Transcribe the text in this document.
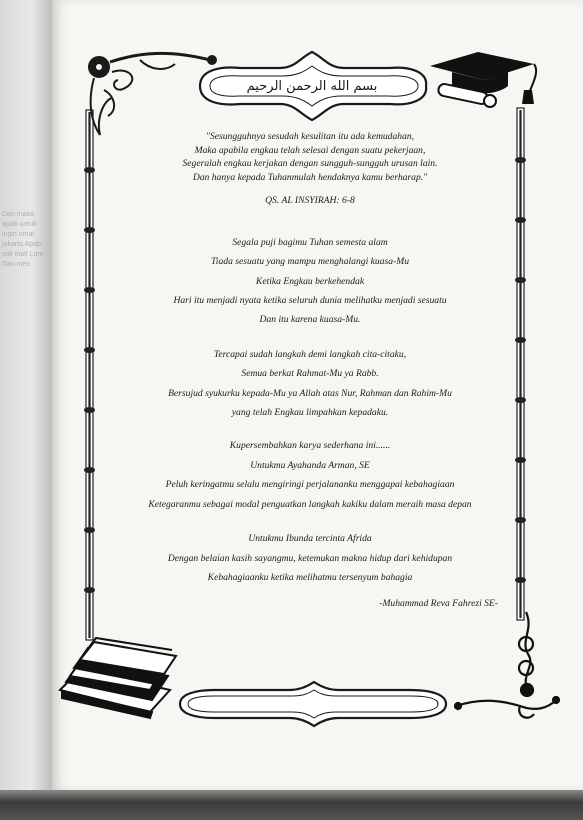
Dan maka apab untuk ingin umat jakarta Apab mili mati Lum Dan men
بسم الله الرحمن الرحيم
"Sesungguhnya sesudah kesulitan itu ada kemudahan,
Maka apabila engkau telah selesai dengan suatu pekerjaan,
Segeralah engkau kerjakan dengan sungguh-sungguh urusan lain.
Dan hanya kepada Tuhanmulah hendaknya kamu berharap."
QS. AL INSYIRAH: 6-8
Segala puji bagimu Tuhan semesta alam
Tiada sesuatu yang mampu menghalangi kuasa-Mu
Ketika Engkau berkehendak
Hari itu menjadi nyata ketika seluruh dunia melihatku menjadi sesuatu
Dan itu karena kuasa-Mu.
Tercapai sudah langkah demi langkah cita-citaku,
Semua berkat Rahmat-Mu ya Rabb.
Bersujud syukurku kepada-Mu ya Allah atas Nur, Rahman dan Rahim-Mu
yang telah Engkau limpahkan kepadaku.
Kupersembahkan karya sederhana ini......
Untukmu Ayahanda Arman, SE
Peluh keringatmu selalu mengiringi perjalananku menggapai kebahagiaan
Ketegaranmu sebagai modal penguatkan langkah kakiku dalam meraih masa depan
Untukmu Ibunda tercinta Afrida
Dengan belaian kasih sayangmu, ketemukan makna hidup dari kehidupan
Kebahagiaanku ketika melihatmu tersenyum bahagia
-Muhammad Reva Fahrezi SE-
